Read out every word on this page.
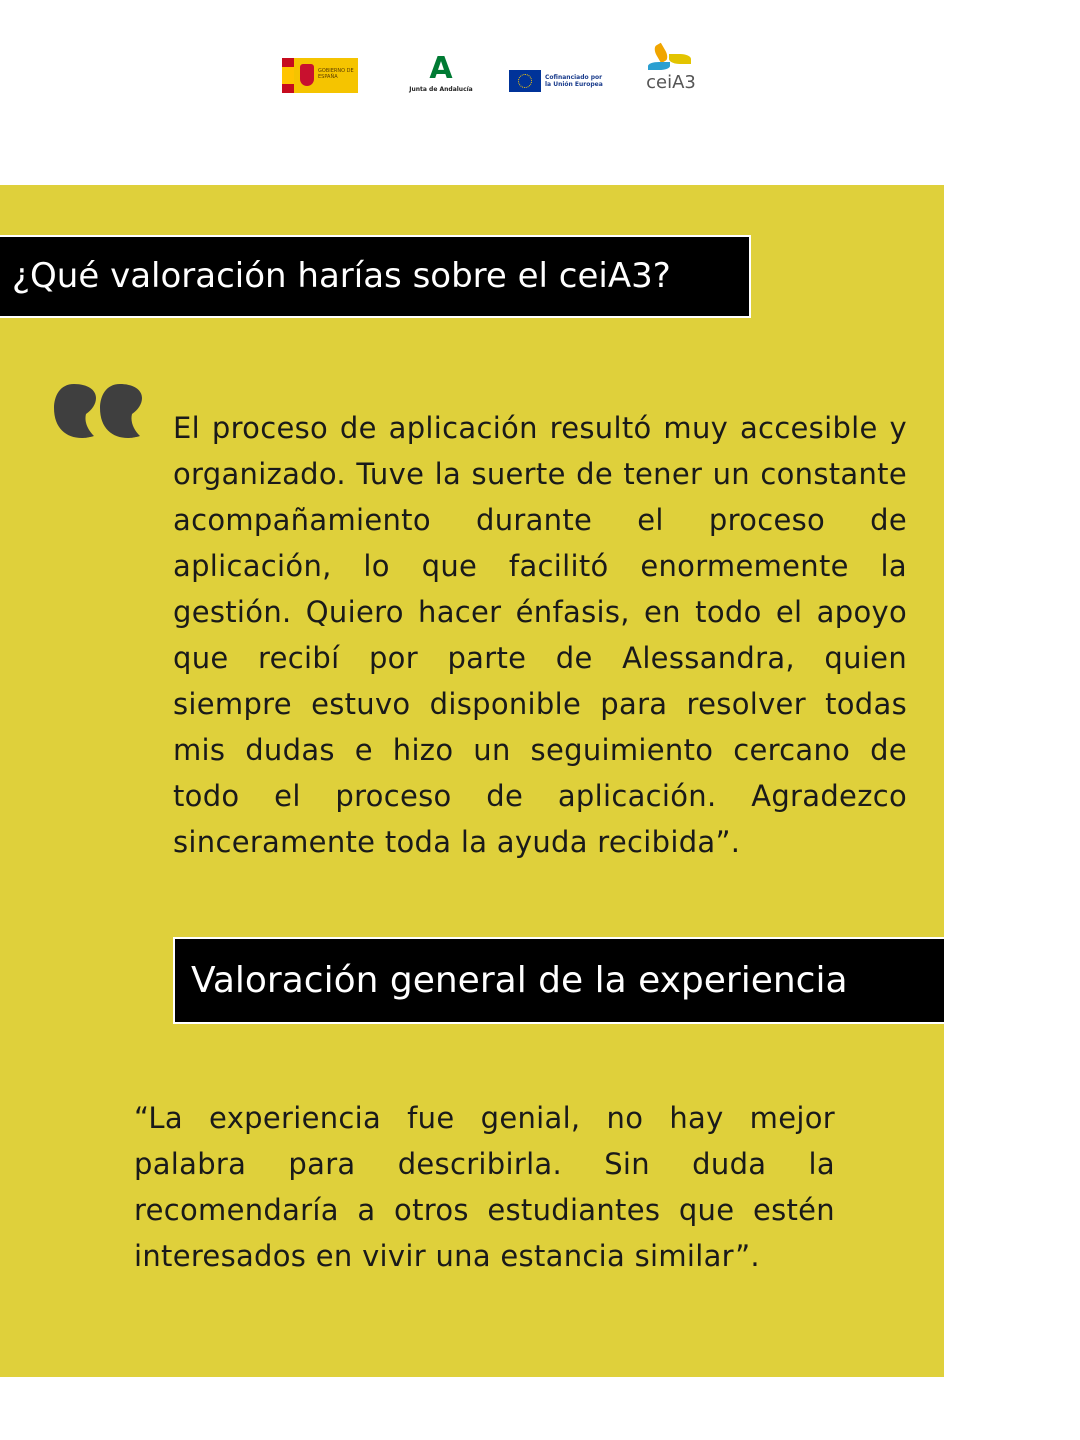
GOBIERNO DE ESPAÑA	A
Junta de Andalucía
Cofinanciado por
la Unión Europea	ceiA3
¿Qué valoración harías sobre el ceiA3?
El proceso de aplicación resultó muy accesible y organizado. Tuve la suerte de tener un constante acompañamiento durante el proceso de aplicación, lo que facilitó enormemente la gestión. Quiero hacer énfasis, en todo el apoyo que recibí por parte de Alessandra, quien siempre estuvo disponible para resolver todas mis dudas e hizo un seguimiento cercano de todo el proceso de aplicación. Agradezco sinceramente toda la ayuda recibida”.
Valoración general de la experiencia
“La experiencia fue genial, no hay mejor palabra para describirla. Sin duda la recomendaría a otros estudiantes que estén interesados en vivir una estancia similar”.
